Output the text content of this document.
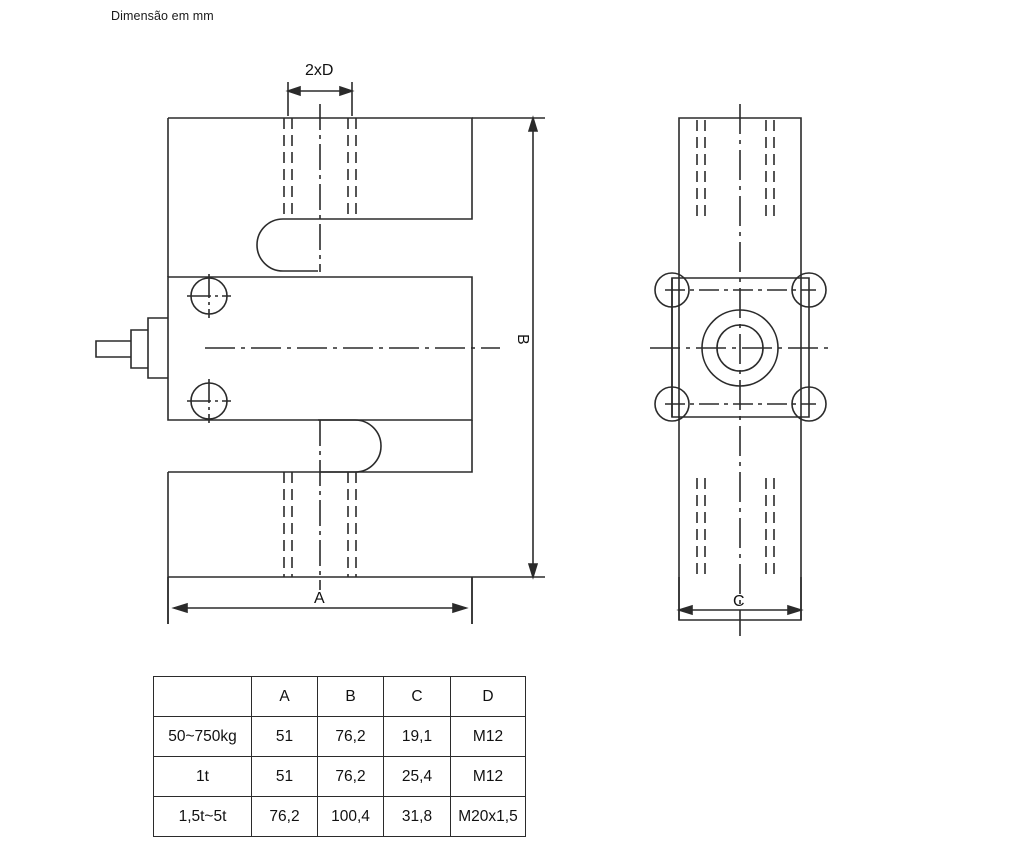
Dimensão em mm
2xD
A
B
C
	A	B	C	D
50~750kg	51	76,2	19,1	M12
1t	51	76,2	25,4	M12
1,5t~5t	76,2	100,4	31,8	M20x1,5
